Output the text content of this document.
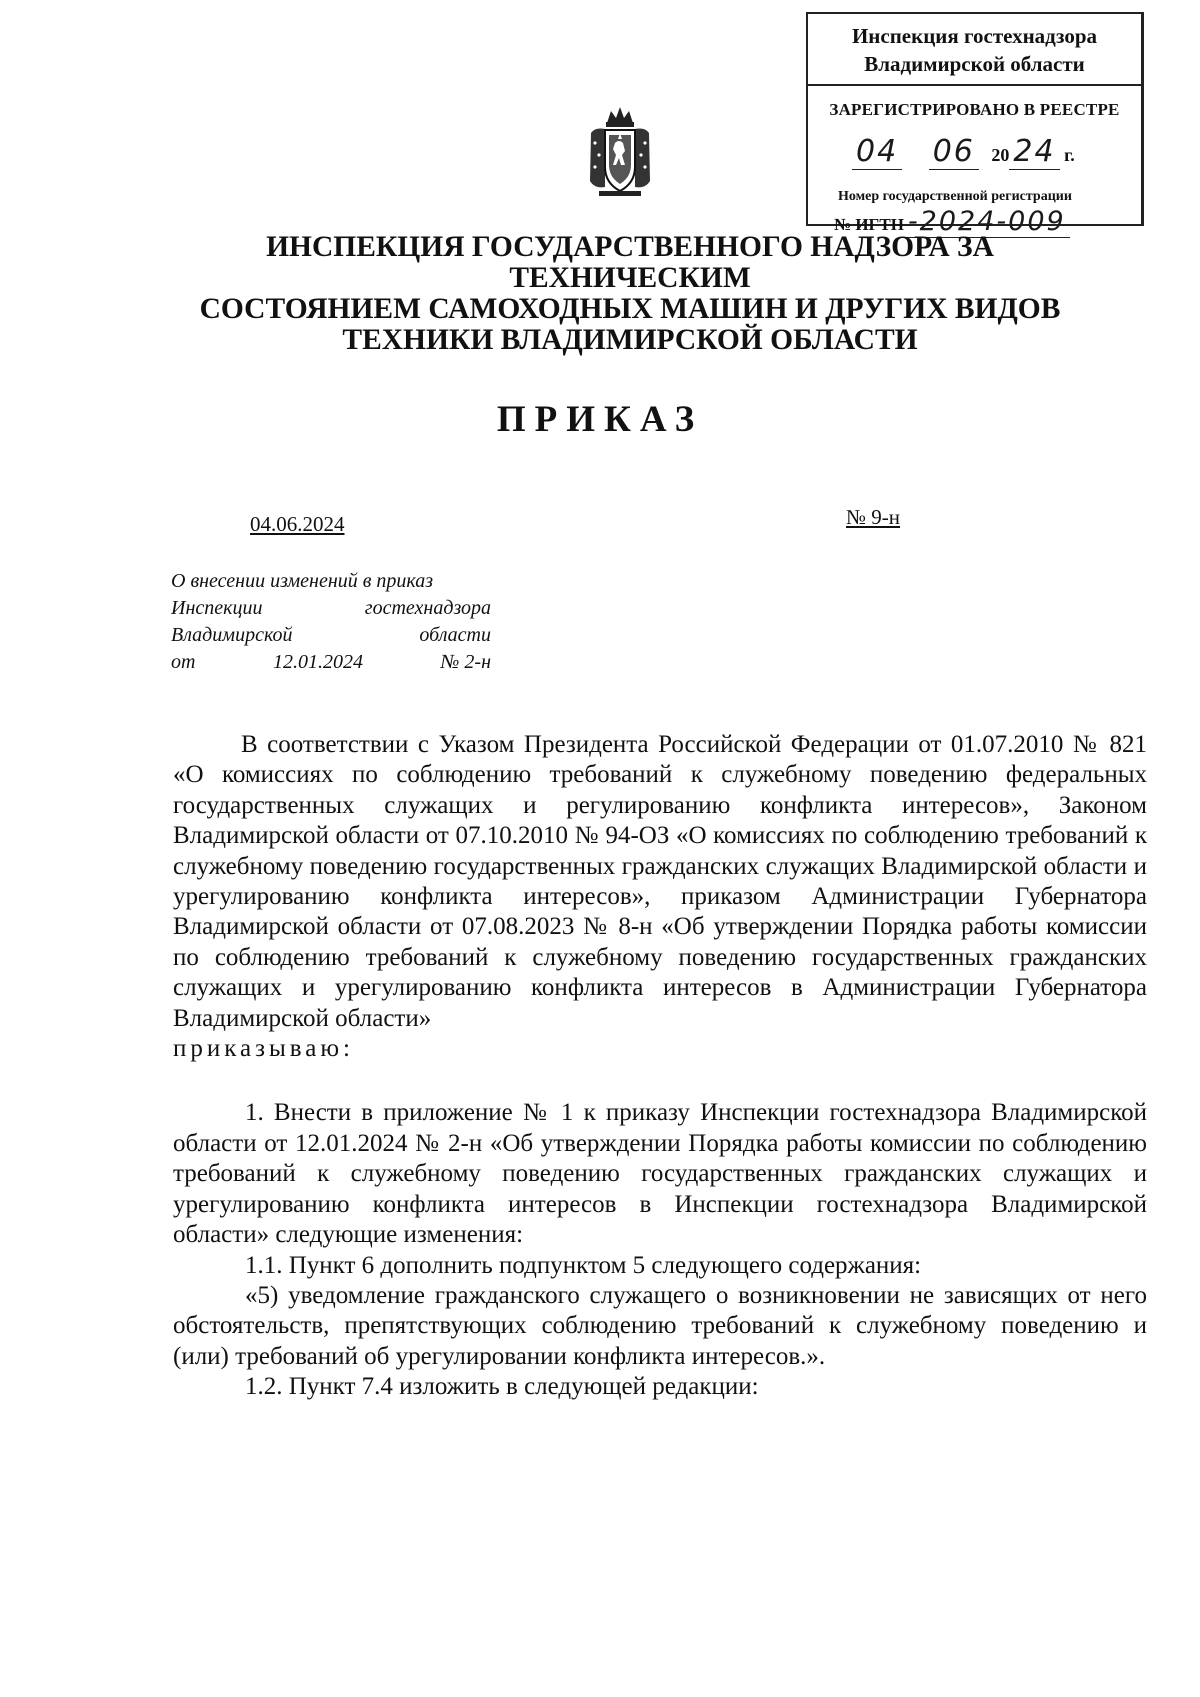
Инспекция гостехнадзора
Владимирской области
ЗАРЕГИСТРИРОВАНО В РЕЕСТРЕ
04 06 20 24 г.
Номер государственной регистрации
№ ИГТН -2024-009
ИНСПЕКЦИЯ ГОСУДАРСТВЕННОГО НАДЗОРА ЗА ТЕХНИЧЕСКИМ
СОСТОЯНИЕМ САМОХОДНЫХ МАШИН И ДРУГИХ ВИДОВ
ТЕХНИКИ ВЛАДИМИРСКОЙ ОБЛАСТИ
ПРИКАЗ
04.06.2024	№ 9-н
О внесении изменений в приказ
Инспекции	гостехнадзора
Владимирской	области
от	12.01.2024	№ 2-н

В соответствии с Указом Президента Российской Федерации от 01.07.2010 № 821 «О комиссиях по соблюдению требований к служебному поведению федеральных государственных служащих и регулированию конфликта интересов», Законом Владимирской области от 07.10.2010 № 94-ОЗ «О комиссиях по соблюдению требований к служебному поведению государственных гражданских служащих Владимирской области и урегулированию конфликта интересов», приказом Администрации Губернатора Владимирской области от 07.08.2023 № 8-н «Об утверждении Порядка работы комиссии по соблюдению требований к служебному поведению государственных гражданских служащих и урегулированию конфликта интересов в Администрации Губернатора Владимирской области»

приказываю:

1. Внести в приложение № 1 к приказу Инспекции гостехнадзора Владимирской области от 12.01.2024 № 2-н «Об утверждении Порядка работы комиссии по соблюдению требований к служебному поведению государственных гражданских служащих и урегулированию конфликта интересов в Инспекции гостехнадзора Владимирской области» следующие изменения:

1.1. Пункт 6 дополнить подпунктом 5 следующего содержания:

«5) уведомление гражданского служащего о возникновении не зависящих от него обстоятельств, препятствующих соблюдению требований к служебному поведению и (или) требований об урегулировании конфликта интересов.».

1.2. Пункт 7.4 изложить в следующей редакции:
